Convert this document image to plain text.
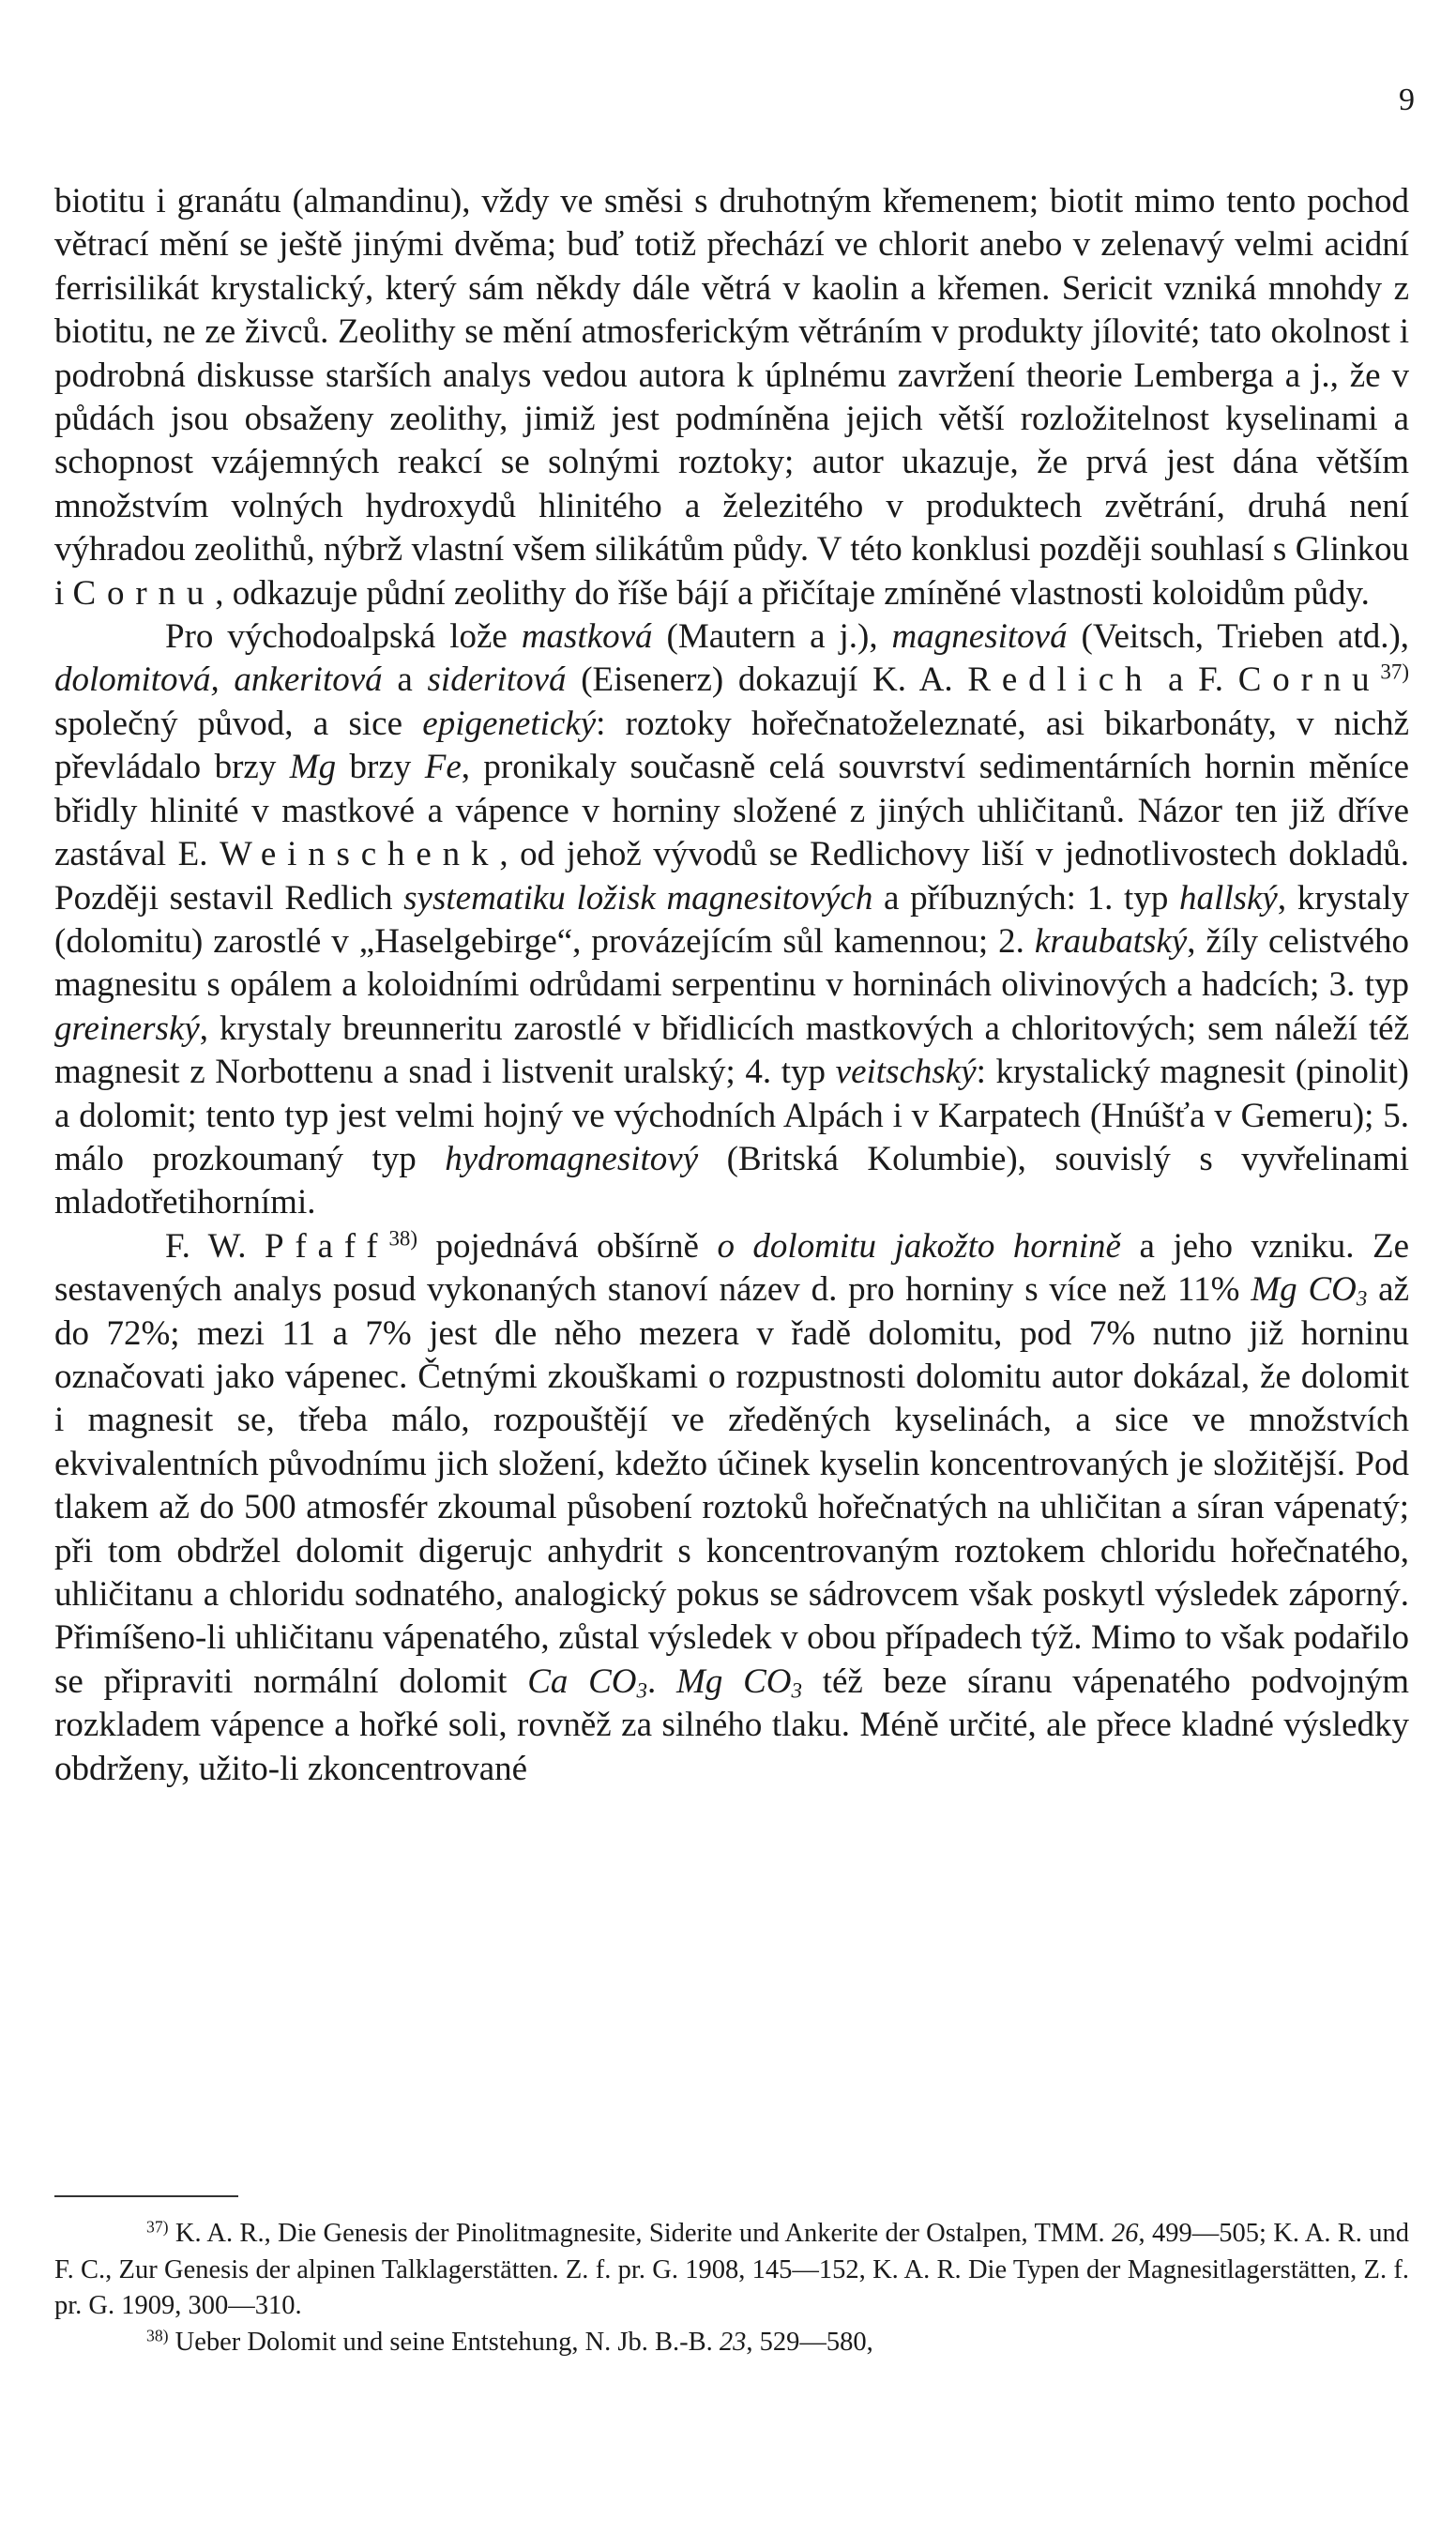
9

biotitu i granátu (almandinu), vždy ve směsi s druhotným křemenem; biotit mimo tento pochod větrací mění se ještě jinými dvěma; buď totiž přechází ve chlorit anebo v zelenavý velmi acidní ferrisilikát krystalický, který sám někdy dále větrá v kaolin a křemen. Sericit vzniká mnohdy z biotitu, ne ze živců. Zeolithy se mění atmosferickým větráním v produkty jílovité; tato okolnost i podrobná diskusse starších analys vedou autora k úplnému zavržení theorie Lemberga a j., že v půdách jsou obsaženy zeolithy, jimiž jest podmíněna jejich větší rozložitelnost kyselinami a schopnost vzájemných reakcí se solnými roztoky; autor ukazuje, že prvá jest dána větším množstvím volných hydroxydů hlinitého a železitého v produktech zvětrání, druhá není výhradou zeolithů, nýbrž vlastní všem silikátům půdy. V této konklusi později souhlasí s Glinkou i Cornu, odkazuje půdní zeolithy do říše bájí a přičítaje zmíněné vlastnosti koloidům půdy.

Pro východoalpská lože mastková (Mautern a j.), magnesitová (Veitsch, Trieben atd.), dolomitová, ankeritová a sideritová (Eisenerz) dokazují K. A. Redlich a F. Cornu$^{37)}$ společný původ, a sice epigenetický: roztoky hořečnatoželeznaté, asi bikarbonáty, v nichž převládalo brzy Mg brzy Fe, pronikaly současně celá souvrství sedimentárních hornin měníce břidly hlinité v mastkové a vápence v horniny složené z jiných uhličitanů. Názor ten již dříve zastával E. Weinschenk, od jehož vývodů se Redlichovy liší v jednotlivostech dokladů. Později sestavil Redlich systematiku ložisk magnesitových a příbuzných: 1. typ hallský, krystaly (dolomitu) zarostlé v „Haselgebirge“, provázejícím sůl kamennou; 2. kraubatský, žíly celistvého magnesitu s opálem a koloidními odrůdami serpentinu v horninách olivinových a hadcích; 3. typ greinerský, krystaly breunneritu zarostlé v břidlicích mastkových a chloritových; sem náleží též magnesit z Norbottenu a snad i listvenit uralský; 4. typ veitschský: krystalický magnesit (pinolit) a dolomit; tento typ jest velmi hojný ve východních Alpách i v Karpatech (Hnúšťa v Gemeru); 5. málo prozkoumaný typ hydromagnesitový (Britská Kolumbie), souvislý s vyvřelinami mladotřetihorními.

F. W. Pfaff$^{38)}$ pojednává obšírně o dolomitu jakožto hornině a jeho vzniku. Ze sestavených analys posud vykonaných stanoví název d. pro horniny s více než 11% Mg $CO_3$ až do 72%; mezi 11 a 7% jest dle něho mezera v řadě dolomitu, pod 7% nutno již horninu označovati jako vápenec. Četnými zkouškami o rozpustnosti dolomitu autor dokázal, že dolomit i magnesit se, třeba málo, rozpouštějí ve zředěných kyselinách, a sice ve množstvích ekvivalentních původnímu jich složení, kdežto účinek kyselin koncentrovaných je složitější. Pod tlakem až do 500 atmosfér zkoumal působení roztoků hořečnatých na uhličitan a síran vápenatý; při tom obdržel dolomit digerujc anhydrit s koncentrovaným roztokem chloridu hořečnatého, uhličitanu a chloridu sodnatého, analogický pokus se sádrovcem však poskytl výsledek záporný. Přimíšeno-li uhličitanu vápenatého, zůstal výsledek v obou případech týž. Mimo to však podařilo se připraviti normální dolomit Ca $CO_3$. Mg $CO_3$ též beze síranu vápenatého podvojným rozkladem vápence a hořké soli, rovněž za silného tlaku. Méně určité, ale přece kladné výsledky obdrženy, užito-li zkoncentrované

$^{37)}$ K. A. R., Die Genesis der Pinolitmagnesite, Siderite und Ankerite der Ostalpen, TMM. 26, 499—505; K. A. R. und F. C., Zur Genesis der alpinen Talklagerstätten. Z. f. pr. G. 1908, 145—152, K. A. R. Die Typen der Magnesitlagerstätten, Z. f. pr. G. 1909, 300—310.

$^{38)}$ Ueber Dolomit und seine Entstehung, N. Jb. B.-B. 23, 529—580,
